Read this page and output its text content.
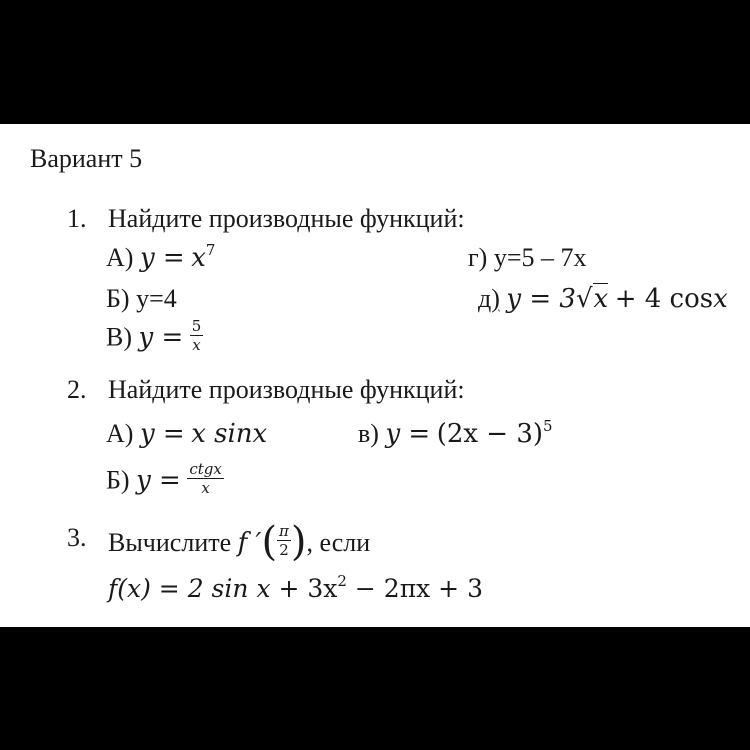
Вариант 5
1. Найдите производные функций:
А) $y = x^7$	г) y=5 – 7x
Б) y=4	д) y = 3√x + 4 cosx
В) $y = \frac{5}{x}$
2. Найдите производные функций:
А) y = x sinx	в) $y = (2x - 3)^5$
Б) $y = \frac{\text{ctgx}}{x}$
3. Вычислите f ′( $\frac{\pi}{2}$ ), если
f(x) = 2 $\sin x + 3x^2 - 2\pi x + 3$
